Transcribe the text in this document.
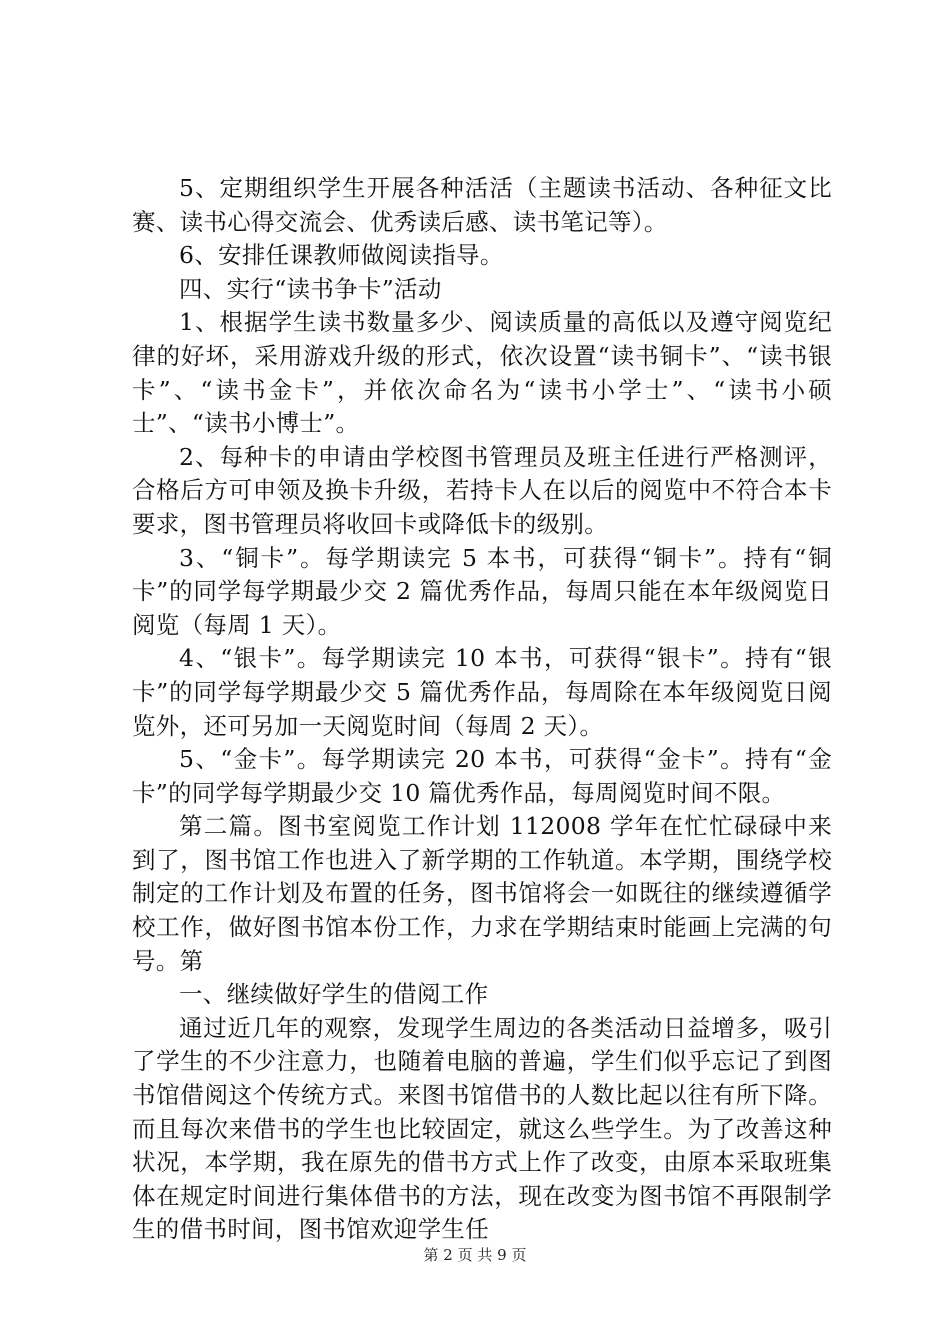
5、定期组织学生开展各种活活（主题读书活动、各种征文比赛、读书心得交流会、优秀读后感、读书笔记等）。

6、安排任课教师做阅读指导。

四、实行“读书争卡”活动

1、根据学生读书数量多少、阅读质量的高低以及遵守阅览纪律的好坏，采用游戏升级的形式，依次设置“读书铜卡”、“读书银卡”、“读书金卡”，并依次命名为“读书小学士”、“读书小硕士”、“读书小博士”。

2、每种卡的申请由学校图书管理员及班主任进行严格测评，合格后方可申领及换卡升级，若持卡人在以后的阅览中不符合本卡要求，图书管理员将收回卡或降低卡的级别。

3、“铜卡”。每学期读完 5 本书，可获得“铜卡”。持有“铜卡”的同学每学期最少交 2 篇优秀作品，每周只能在本年级阅览日阅览（每周 1 天）。

4、“银卡”。每学期读完 10 本书，可获得“银卡”。持有“银卡”的同学每学期最少交 5 篇优秀作品，每周除在本年级阅览日阅览外，还可另加一天阅览时间（每周 2 天）。

5、“金卡”。每学期读完 20 本书，可获得“金卡”。持有“金卡”的同学每学期最少交 10 篇优秀作品，每周阅览时间不限。

第二篇。图书室阅览工作计划 112008 学年在忙忙碌碌中来到了，图书馆工作也进入了新学期的工作轨道。本学期，围绕学校制定的工作计划及布置的任务，图书馆将会一如既往的继续遵循学校工作，做好图书馆本份工作，力求在学期结束时能画上完满的句号。第

一、继续做好学生的借阅工作

通过近几年的观察，发现学生周边的各类活动日益增多，吸引了学生的不少注意力，也随着电脑的普遍，学生们似乎忘记了到图书馆借阅这个传统方式。来图书馆借书的人数比起以往有所下降。而且每次来借书的学生也比较固定，就这么些学生。为了改善这种状况，本学期，我在原先的借书方式上作了改变，由原本采取班集体在规定时间进行集体借书的方法，现在改变为图书馆不再限制学生的借书时间，图书馆欢迎学生任

第 2 页 共 9 页
